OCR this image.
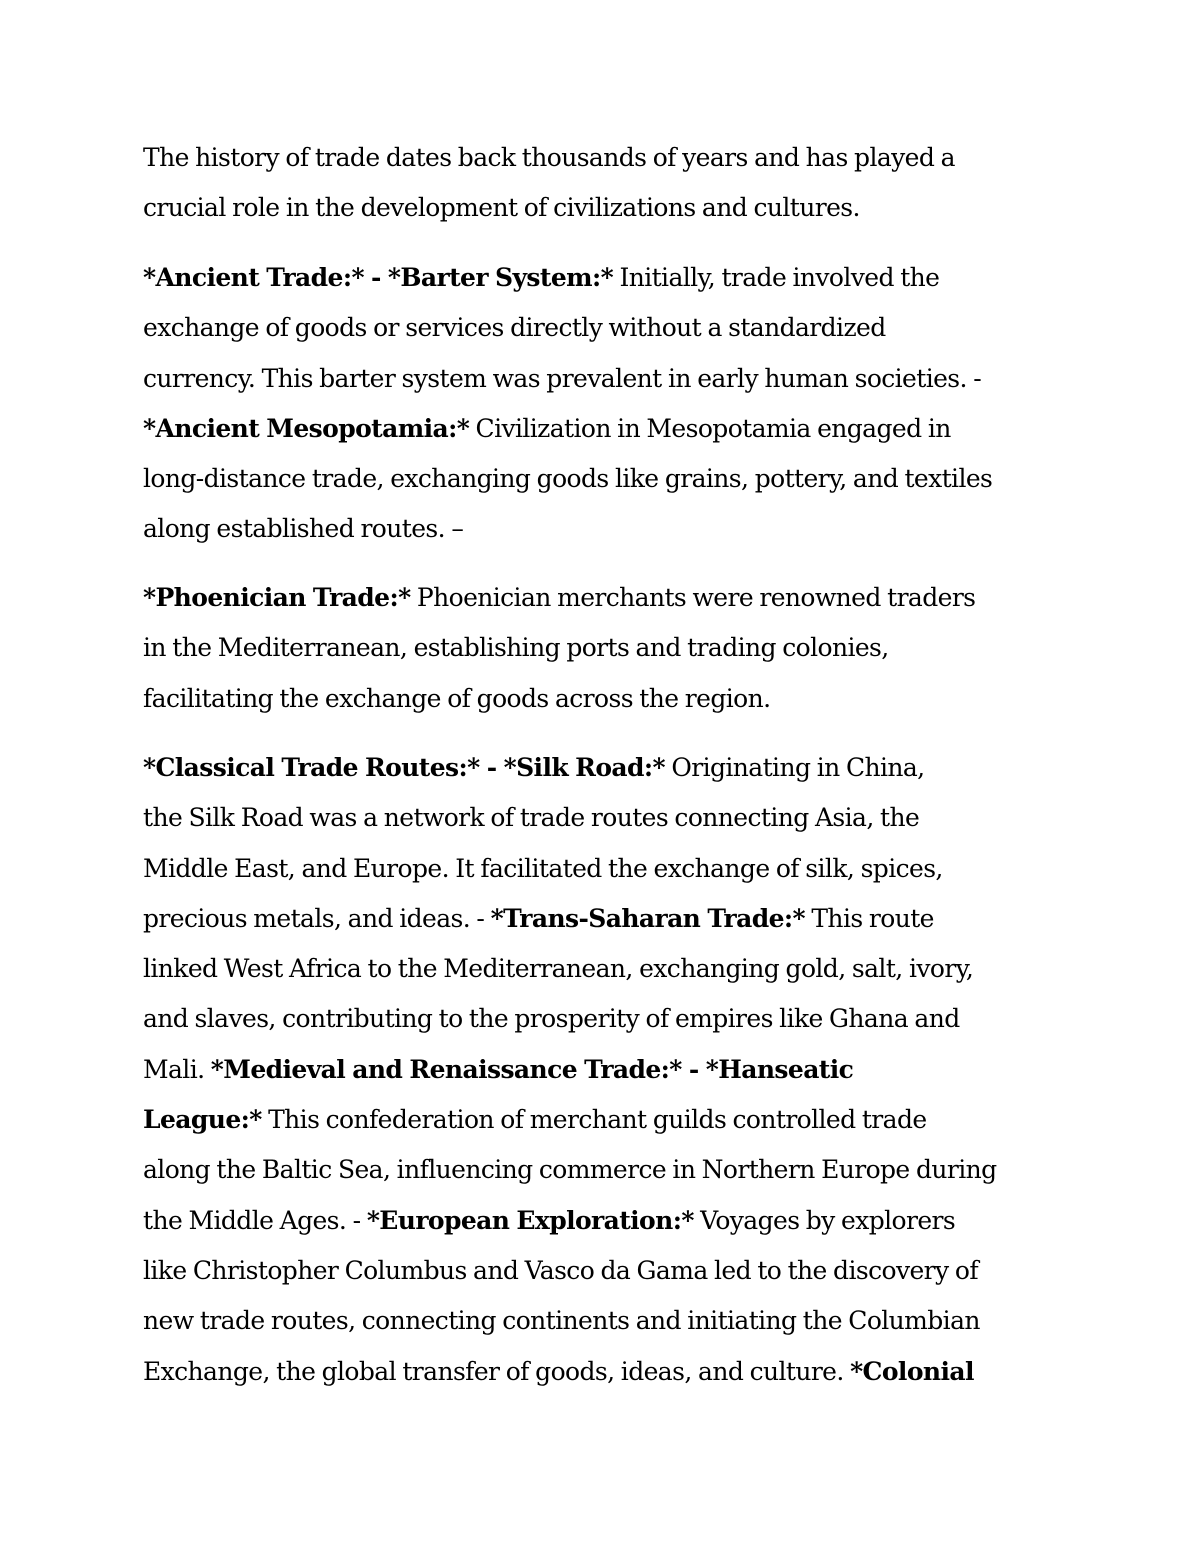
The history of trade dates back thousands of years and has played a
crucial role in the development of civilizations and cultures.
*Ancient Trade:* - *Barter System:* Initially, trade involved the
exchange of goods or services directly without a standardized
currency. This barter system was prevalent in early human societies. -
*Ancient Mesopotamia:* Civilization in Mesopotamia engaged in
long-distance trade, exchanging goods like grains, pottery, and textiles
along established routes. –
*Phoenician Trade:* Phoenician merchants were renowned traders
in the Mediterranean, establishing ports and trading colonies,
facilitating the exchange of goods across the region.
*Classical Trade Routes:* - *Silk Road:* Originating in China,
the Silk Road was a network of trade routes connecting Asia, the
Middle East, and Europe. It facilitated the exchange of silk, spices,
precious metals, and ideas. - *Trans-Saharan Trade:* This route
linked West Africa to the Mediterranean, exchanging gold, salt, ivory,
and slaves, contributing to the prosperity of empires like Ghana and
Mali. *Medieval and Renaissance Trade:* - *Hanseatic
League:* This confederation of merchant guilds controlled trade
along the Baltic Sea, influencing commerce in Northern Europe during
the Middle Ages. - *European Exploration:* Voyages by explorers
like Christopher Columbus and Vasco da Gama led to the discovery of
new trade routes, connecting continents and initiating the Columbian
Exchange, the global transfer of goods, ideas, and culture. *Colonial
